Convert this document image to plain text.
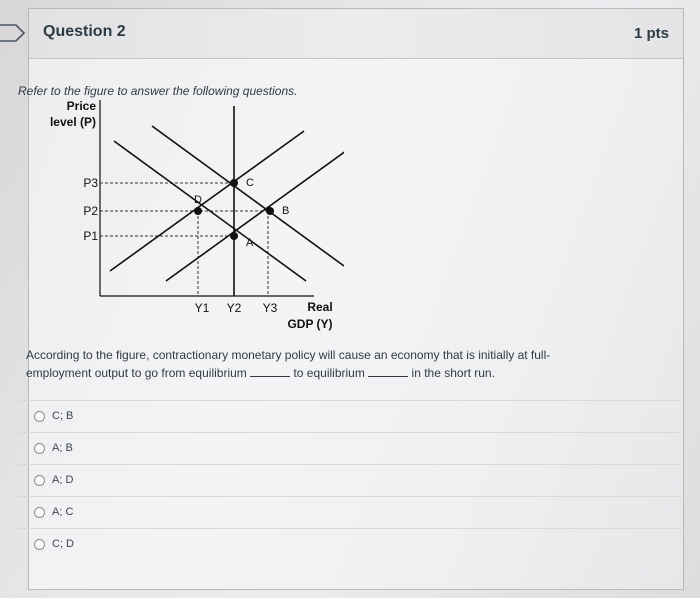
Question 2	1 pts
Refer to the figure to answer the following questions.
Price
level (P)
C
D
B
A
P3
P2
P1
Y1 Y2 Y3 Real
GDP (Y)
According to the figure, contractionary monetary policy will cause an economy that is initially at full-
employment output to go from equilibrium	to equilibrium	in the short run.
C; B
A; B
A; D
A; C
C; D
